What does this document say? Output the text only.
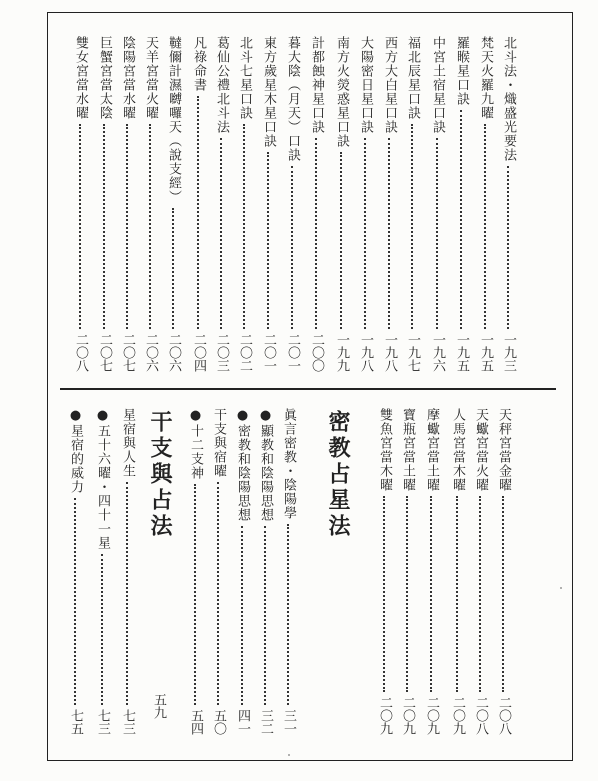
北斗法・熾盛光要法
一九三
梵天火羅九曜
一九五
羅睺星口訣
一九五
中宮土宿星口訣
一九六
福北辰星口訣
一九七
西方大白星口訣
一九八
大陽密日星口訣
一九八
南方火熒惑星口訣
一九九
計都蝕神星口訣
二〇〇
暮大陰（月天）口訣
二〇一
東方歲星木星口訣
二〇一
北斗七星口訣
二〇二
葛仙公禮北斗法
二〇三
凡祿命書
二〇四
韃儞計濕嚩囉天（說支經）
二〇六
天羊宮當火曜
二〇六
陰陽宮當水曜
二〇七
巨蟹宮當太陰
二〇七
雙女宮當水曜
二〇八
天秤宮當金曜
二〇八
天蠍宮當火曜
二〇八
人馬宮當木曜
二〇九
摩蠍宮當土曜
二〇九
寶瓶宮當土曜
二〇九
雙魚宮當木曜
二〇九
密教占星法
眞言密教・陰陽學
三一
●顯教和陰陽思想
三二
●密教和陰陽思想
四一
干支與宿曜
五〇
●十二支神
五四
干支與占法
五九
星宿與人生
七三
●五十六曜・四十一星
七三
●星宿的威力
七五
